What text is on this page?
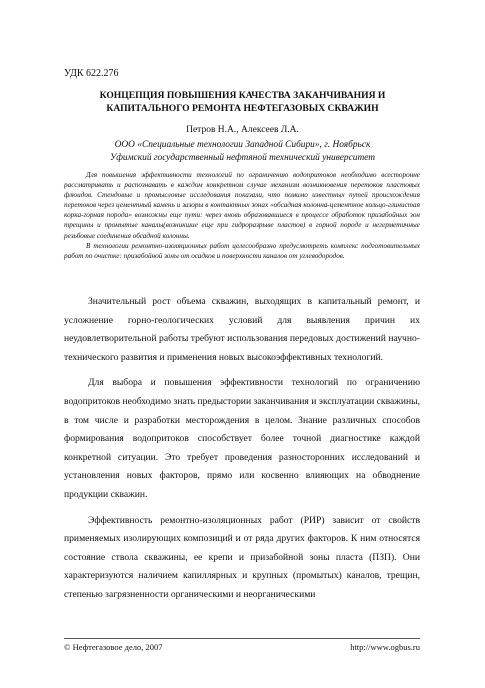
УДК 622.276
КОНЦЕПЦИЯ ПОВЫШЕНИЯ КАЧЕСТВА ЗАКАНЧИВАНИЯ И
КАПИТАЛЬНОГО РЕМОНТА НЕФТЕГАЗОВЫХ СКВАЖИН
Петров Н.А., Алексеев Л.А.
ООО «Специальные технологии Западной Сибири», г. Ноябрьск
Уфимский государственный нефтяной технический университет

Для повышения эффективности технологий по ограничению водопритоков необходимо всесторонне рассматривать и распознавать в каждом конкретном случае механизм возникновения перетоков пластовых флюидов. Стендовые и промысловые исследования показали, что помимо известных путей происхождения перетоков через цементный камень и зазоры в контактных зонах «обсадная колонна-цементное кольцо-глинистая корка-горная порода» возможны еще пути: через вновь образовавшиеся в процессе обработок призабойных зон трещины и промытые каналы(возникшие еще при гидроразрыве пластов) в горной породе и негерметичные резьбовые соединения обсадной колонны.

В технологии ремонтно-изоляционных работ целесообразно предусмотреть комплекс подготовительных работ по очистке: призабойной зоны от осадков и поверхности каналов от углеводородов.

Значительный рост объема скважин, выходящих в капитальный ремонт, и усложнение горно-геологических условий для выявления причин их неудовлетворительной работы требуют использования передовых достижений научно-технического развития и применения новых высокоэффективных технологий.

Для выбора и повышения эффективности технологий по ограничению водопритоков необходимо знать предыстории заканчивания и эксплуатации скважины, в том числе и разработки месторождения в целом. Знание различных способов формирования водопритоков способствует более точной диагностике каждой конкретной ситуации. Это требует проведения разносторонних исследований и установления новых факторов, прямо или косвенно влияющих на обводнение продукции скважин.

Эффективность ремонтно-изоляционных работ (РИР) зависит от свойств применяемых изолирующих композиций и от ряда других факторов. К ним относятся состояние ствола скважины, ее крепи и призабойной зоны пласта (ПЗП). Они характеризуются наличием капиллярных и крупных (промытых) каналов, трещин, степенью загрязненности органическими и неорганическими

© Нефтегазовое дело, 2007	http://www.ogbus.ru
